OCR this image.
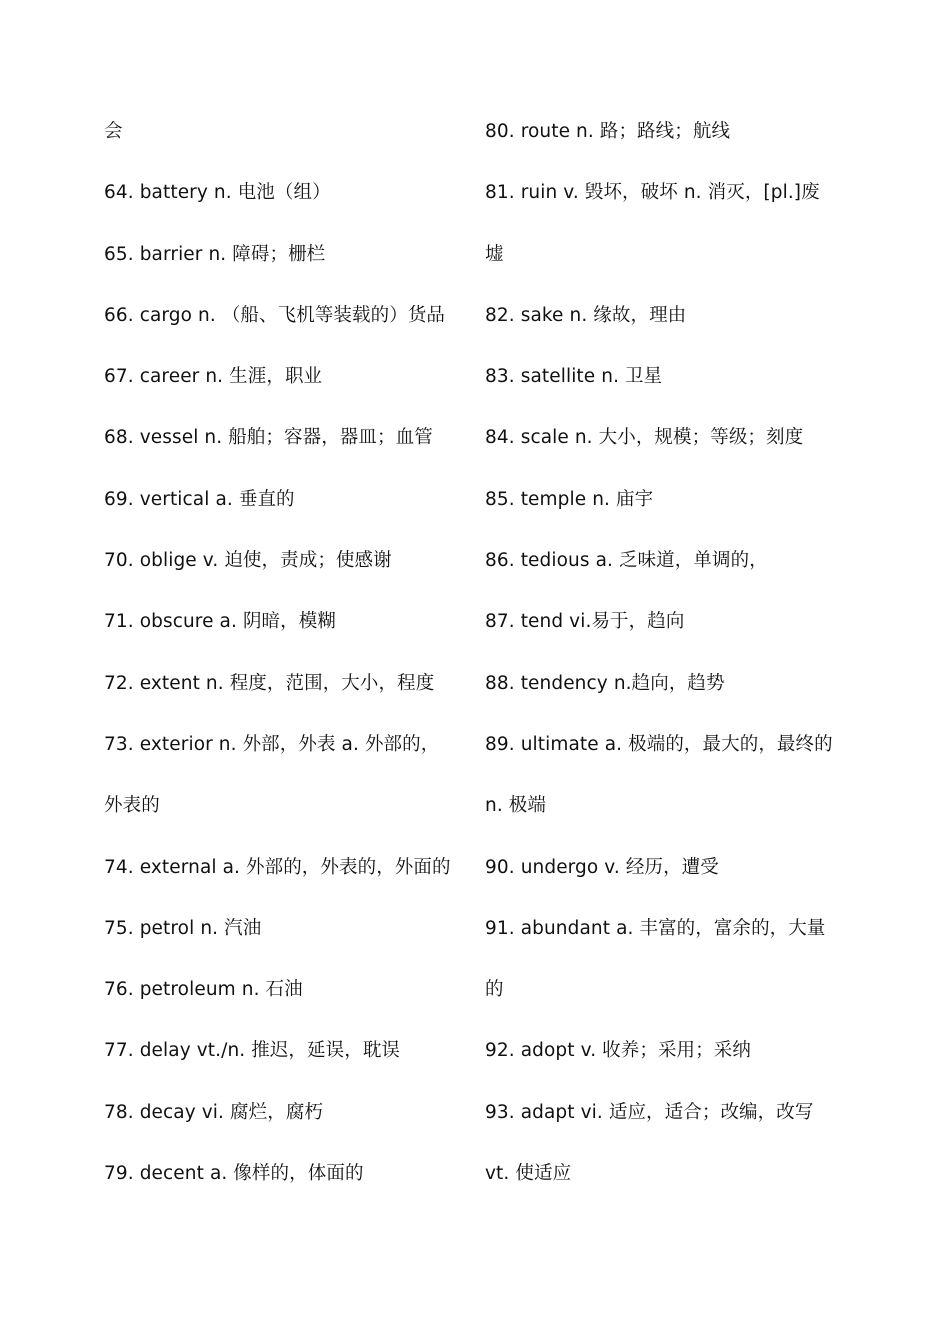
会
64. battery n. 电池（组）
65. barrier n. 障碍；栅栏
66. cargo n. （船、飞机等装载的）货品
67. career n. 生涯，职业
68. vessel n. 船舶；容器，器皿；血管
69. vertical a. 垂直的
70. oblige v. 迫使，责成；使感谢
71. obscure a. 阴暗，模糊
72. extent n. 程度，范围，大小，程度
73. exterior n. 外部，外表 a. 外部的，
外表的
74. external a. 外部的，外表的，外面的
75. petrol n. 汽油
76. petroleum n. 石油
77. delay vt./n. 推迟，延误，耽误
78. decay vi. 腐烂，腐朽
79. decent a. 像样的，体面的
80. route n. 路；路线；航线
81. ruin v. 毁坏，破坏 n. 消灭，[pl.]废
墟
82. sake n. 缘故，理由
83. satellite n. 卫星
84. scale n. 大小，规模；等级；刻度
85. temple n. 庙宇
86. tedious a. 乏味道，单调的，
87. tend vi.易于，趋向
88. tendency n.趋向，趋势
89. ultimate a. 极端的，最大的，最终的
n. 极端
90. undergo v. 经历，遭受
91. abundant a. 丰富的，富余的，大量
的
92. adopt v. 收养；采用；采纳
93. adapt vi. 适应，适合；改编，改写
vt. 使适应
